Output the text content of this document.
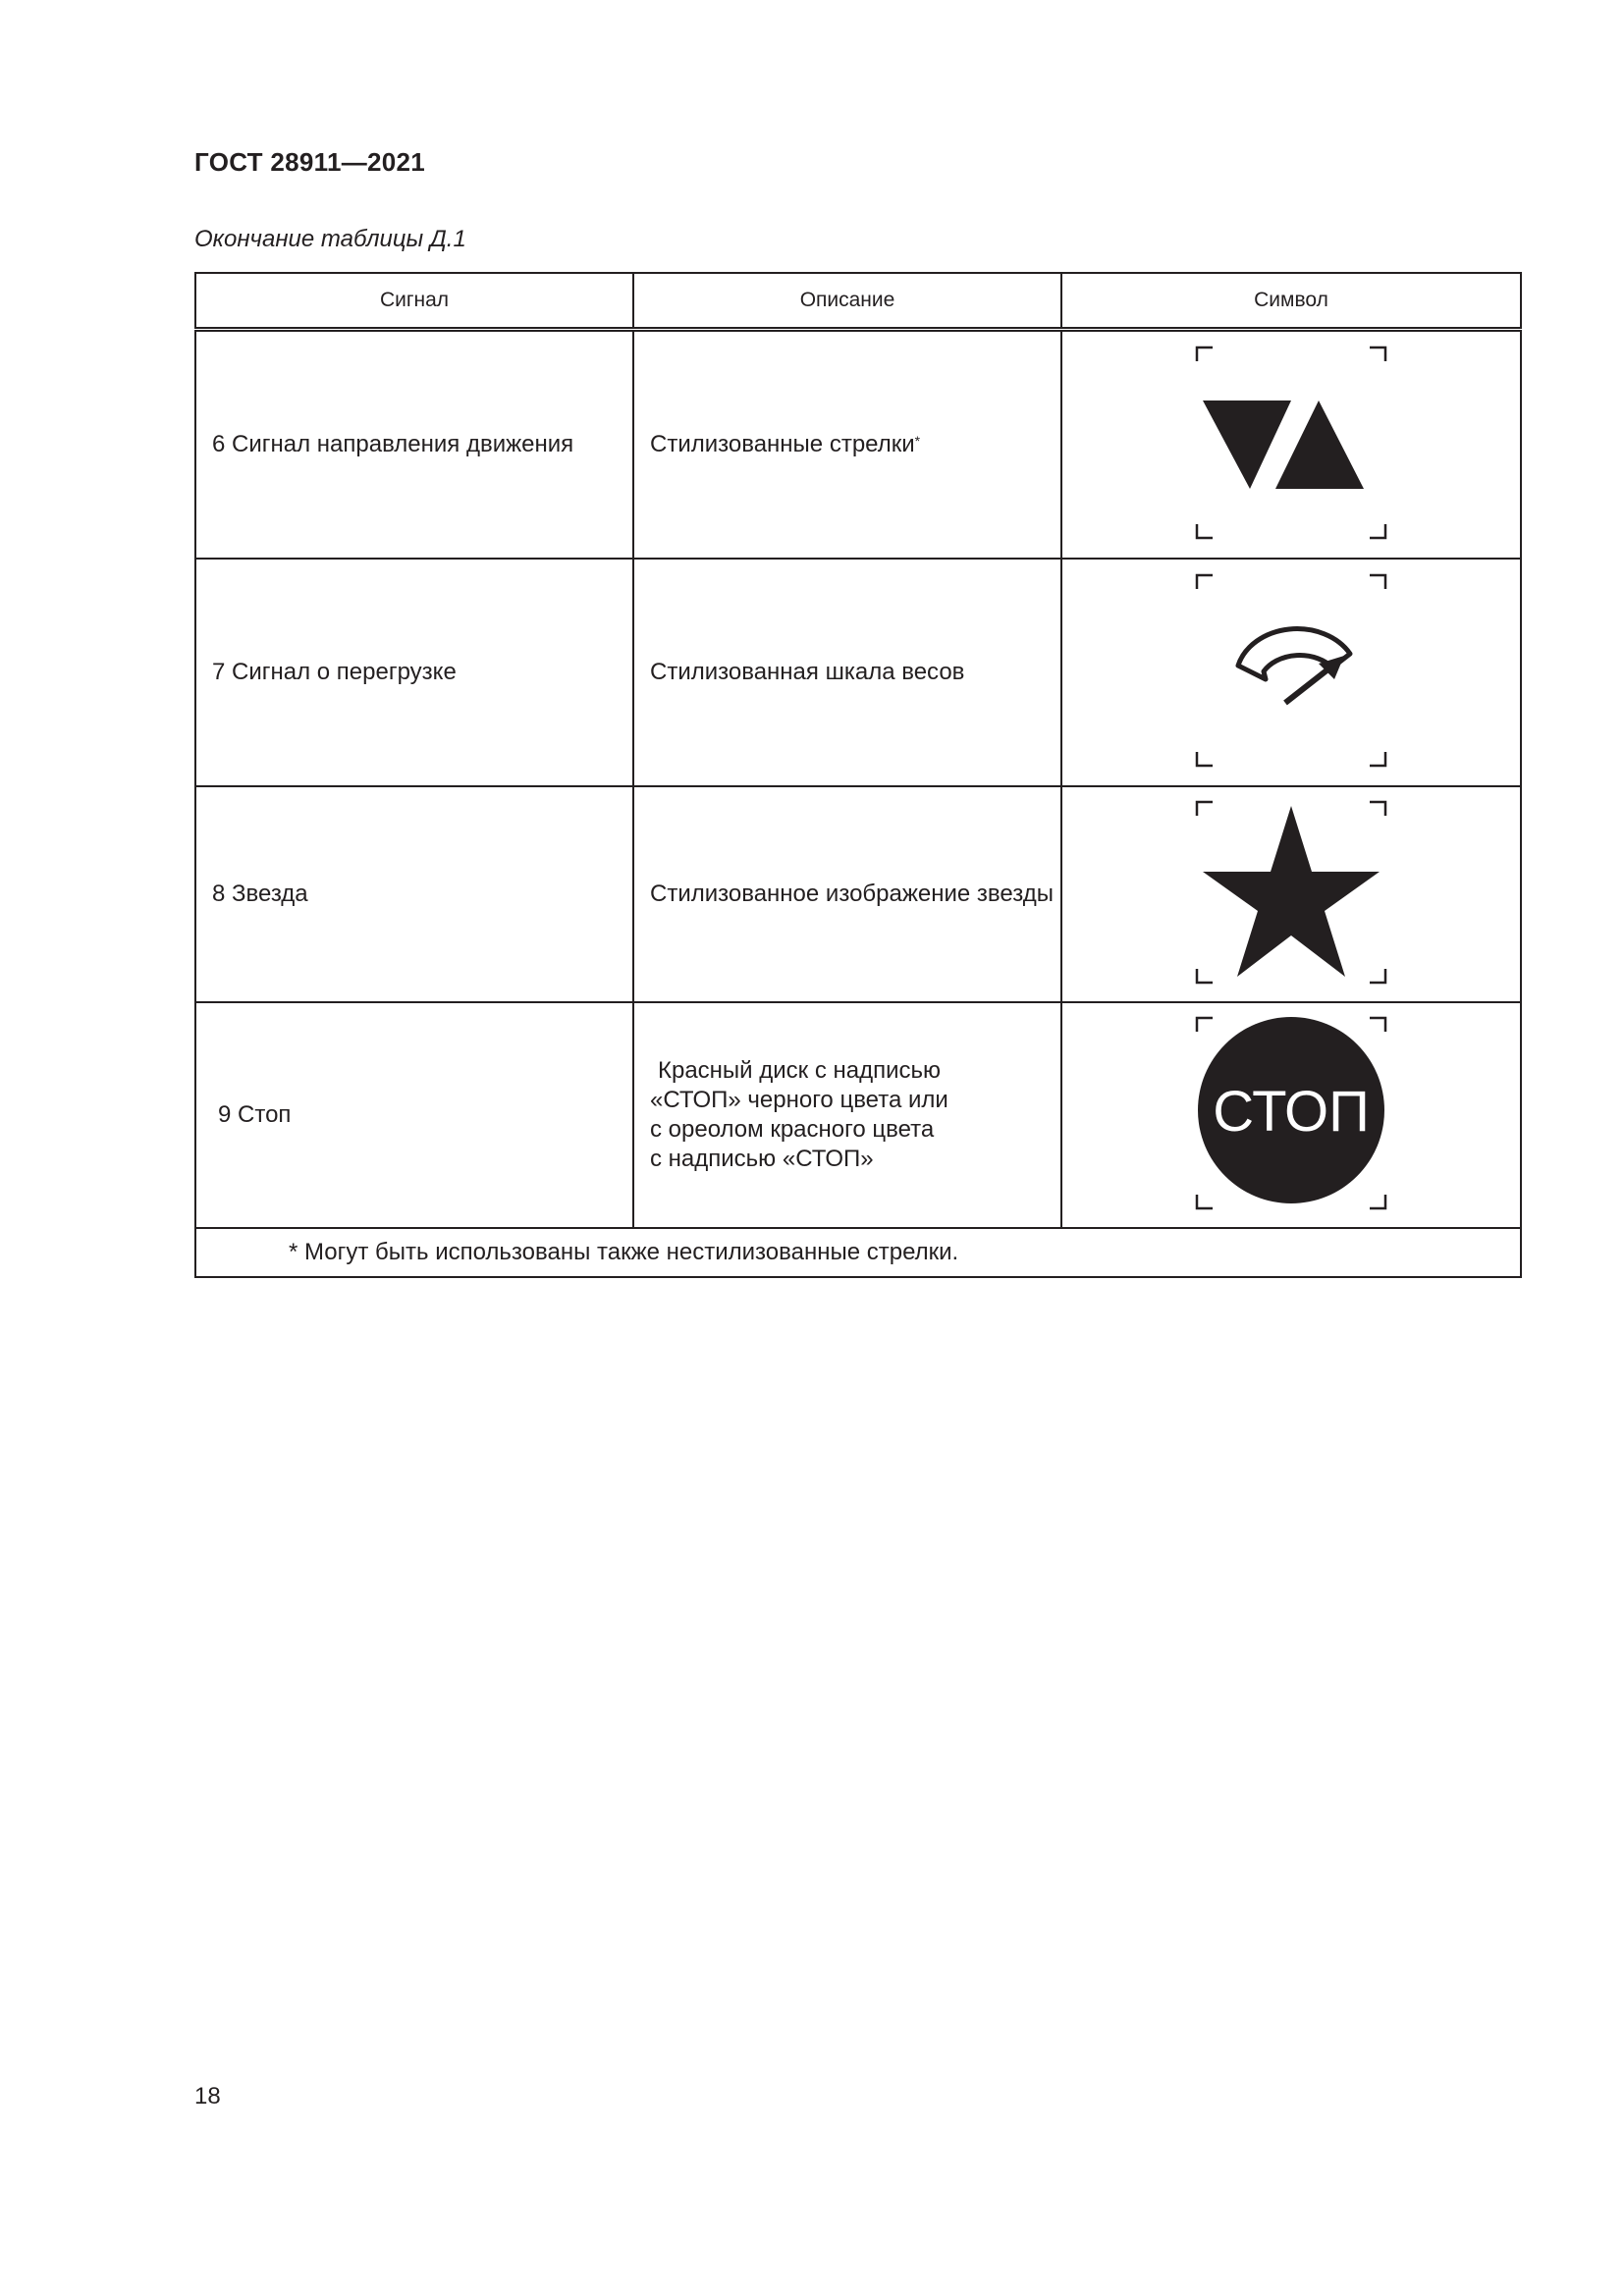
ГОСТ 28911—2021
Окончание таблицы Д.1
Сигнал	Описание	Символ
6 Сигнал направления движения	Стилизованные стрелки*	

7 Сигнал о перегрузке	Стилизованная шкала весов	

8 Звезда	Стилизованное изображение звезды	

9 Стоп	Красный диск с надписью
«СТОП» черного цвета или
с ореолом красного цвета
с надписью «СТОП»	СТОП

* Могут быть использованы также нестилизованные стрелки.		
18
